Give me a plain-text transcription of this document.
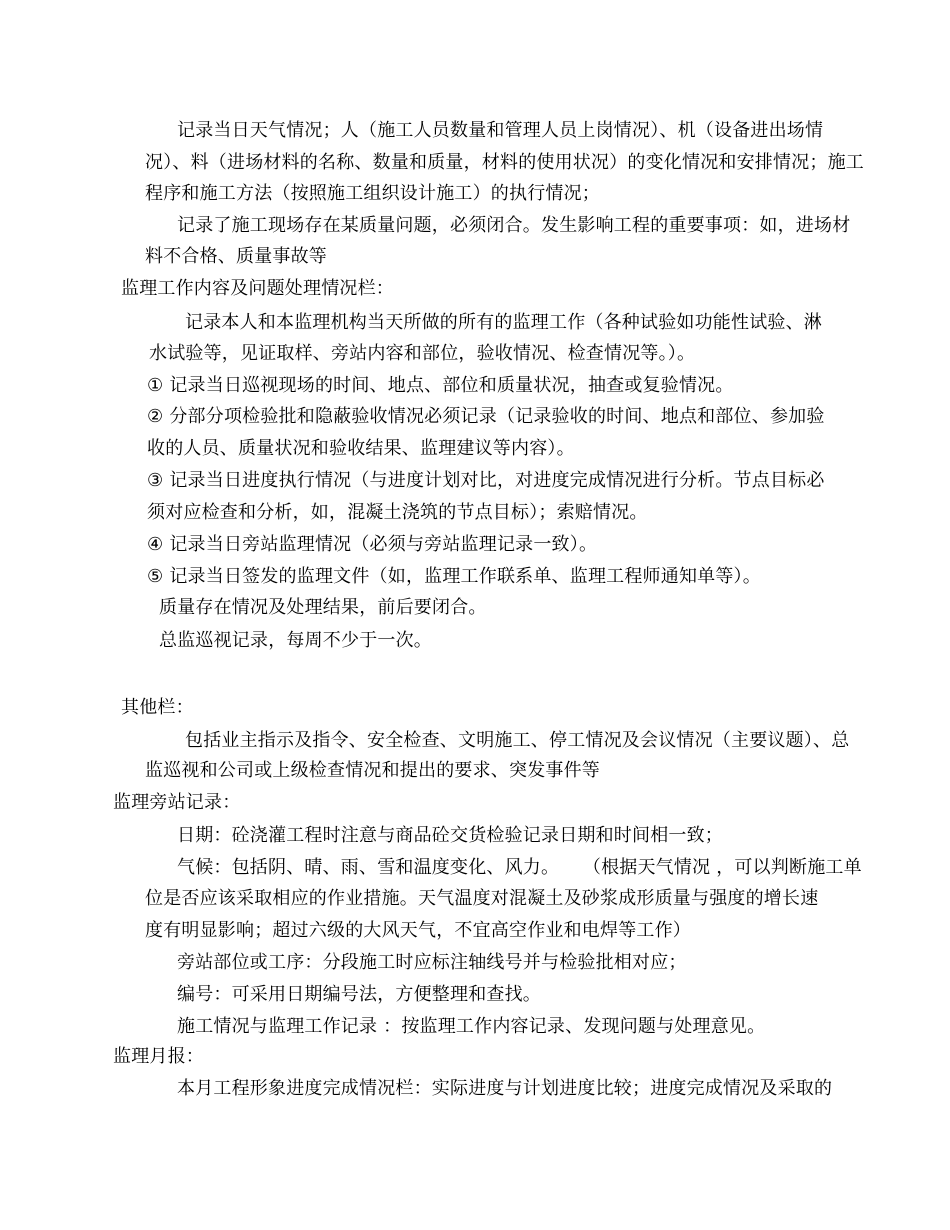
记录当日天气情况；人（施工人员数量和管理人员上岗情况）、机（设备进出场情
况）、料（进场材料的名称、数量和质量，材料的使用状况）的变化情况和安排情况；施工
程序和施工方法（按照施工组织设计施工）的执行情况；
记录了施工现场存在某质量问题，必须闭合。发生影响工程的重要事项：如，进场材
料不合格、质量事故等
监理工作内容及问题处理情况栏：
记录本人和本监理机构当天所做的所有的监理工作（各种试验如功能性试验、淋
水试验等，见证取样、旁站内容和部位，验收情况、检查情况等。）。
① 记录当日巡视现场的时间、地点、部位和质量状况，抽查或复验情况。
② 分部分项检验批和隐蔽验收情况必须记录（记录验收的时间、地点和部位、参加验
收的人员、质量状况和验收结果、监理建议等内容）。
③ 记录当日进度执行情况（与进度计划对比，对进度完成情况进行分析。节点目标必
须对应检查和分析，如，混凝土浇筑的节点目标）；索赔情况。
④ 记录当日旁站监理情况（必须与旁站监理记录一致）。
⑤ 记录当日签发的监理文件（如，监理工作联系单、监理工程师通知单等）。
质量存在情况及处理结果，前后要闭合。
总监巡视记录，每周不少于一次。
其他栏：
包括业主指示及指令、安全检查、文明施工、停工情况及会议情况（主要议题）、总
监巡视和公司或上级检查情况和提出的要求、突发事件等
监理旁站记录：
日期：砼浇灌工程时注意与商品砼交货检验记录日期和时间相一致；
气候：包括阴、晴、雨、雪和温度变化、风力。    （根据天气情况 ，可以判断施工单
位是否应该采取相应的作业措施。天气温度对混凝土及砂浆成形质量与强度的增长速
度有明显影响；超过六级的大风天气，不宜高空作业和电焊等工作）
旁站部位或工序：分段施工时应标注轴线号并与检验批相对应；
编号：可采用日期编号法，方便整理和查找。
施工情况与监理工作记录 ：按监理工作内容记录、发现问题与处理意见。
监理月报：
本月工程形象进度完成情况栏：实际进度与计划进度比较；进度完成情况及采取的
